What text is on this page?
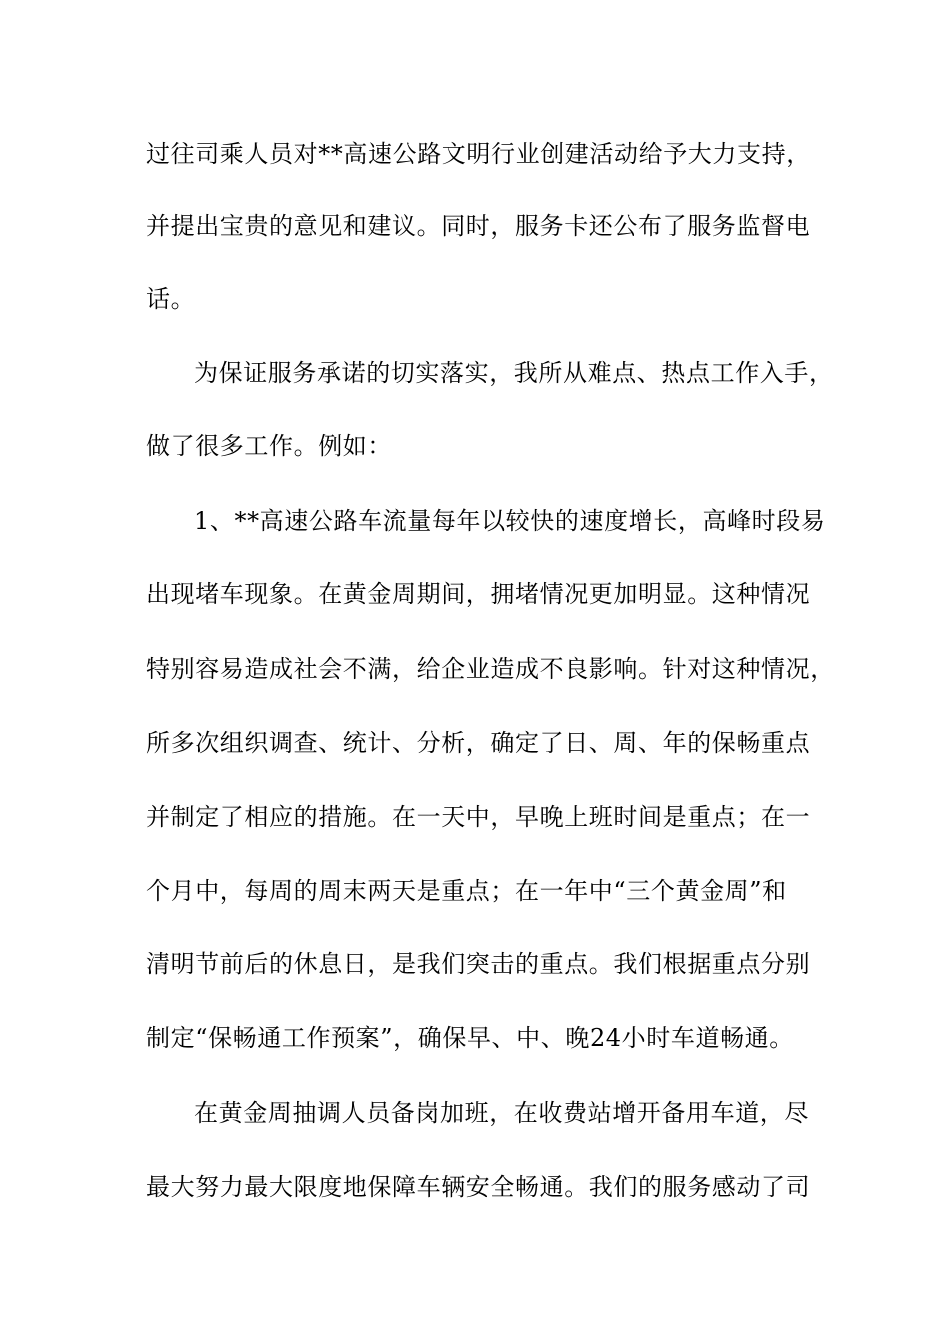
过往司乘人员对**高速公路文明行业创建活动给予大力支持，
并提出宝贵的意见和建议。同时，服务卡还公布了服务监督电
话。
为保证服务承诺的切实落实，我所从难点、热点工作入手，
做了很多工作。例如：
1、**高速公路车流量每年以较快的速度增长，高峰时段易
出现堵车现象。在黄金周期间，拥堵情况更加明显。这种情况
特别容易造成社会不满，给企业造成不良影响。针对这种情况，
所多次组织调查、统计、分析，确定了日、周、年的保畅重点
并制定了相应的措施。在一天中，早晚上班时间是重点；在一
个月中，每周的周末两天是重点；在一年中“三个黄金周”和
清明节前后的休息日，是我们突击的重点。我们根据重点分别
制定“保畅通工作预案”，确保早、中、晚24小时车道畅通。
在黄金周抽调人员备岗加班，在收费站增开备用车道，尽
最大努力最大限度地保障车辆安全畅通。我们的服务感动了司
